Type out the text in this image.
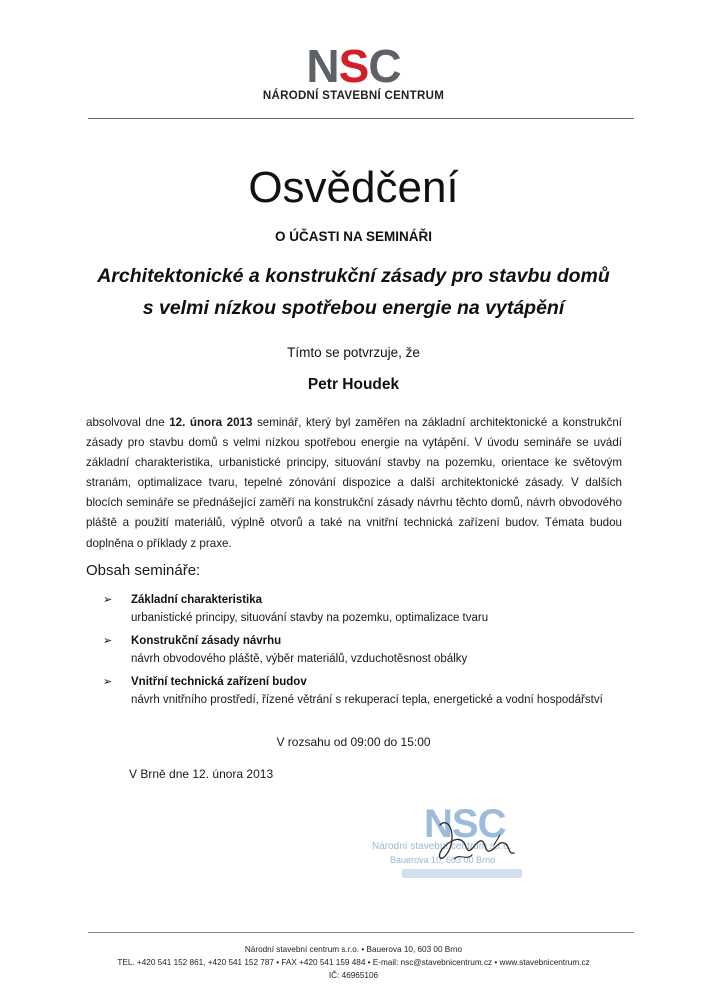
NSC
NÁRODNÍ STAVEBNÍ CENTRUM
Osvědčení
O ÚČASTI NA SEMINÁŘI
Architektonické a konstrukční zásady pro stavbu domů
s velmi nízkou spotřebou energie na vytápění
Tímto se potvrzuje, že
Petr Houdek
absolvoval dne 12. února 2013 seminář, který byl zaměřen na základní architektonické a konstrukční zásady pro stavbu domů s velmi nízkou spotřebou energie na vytápění. V úvodu semináře se uvádí základní charakteristika, urbanistické principy, situování stavby na pozemku, orientace ke světovým stranám, optimalizace tvaru, tepelné zónování dispozice a další architektonické zásady. V dalších blocích semináře se přednášející zaměří na konstrukční zásady návrhu těchto domů, návrh obvodového pláště a použití materiálů, výplně otvorů a také na vnitřní technická zařízení budov. Témata budou doplněna o příklady z praxe.
Obsah semináře:
➢	Základní charakteristika
urbanistické principy, situování stavby na pozemku, optimalizace tvaru
➢	Konstrukční zásady návrhu
návrh obvodového pláště, výběr materiálů, vzduchotěsnost obálky
➢	Vnitřní technická zařízení budov
návrh vnitřního prostředí, řízené větrání s rekuperací tepla, energetické a vodní hospodářství
V rozsahu od 09:00 do 15:00
V Brně dne 12. února 2013
NSC
Národní stavební centrum s.r.o.
Bauerova 10, 603 00 Brno
Národní stavební centrum s.r.o. • Bauerova 10, 603 00 Brno
TEL. +420 541 152 861, +420 541 152 787 • FAX +420 541 159 484 • E-mail: nsc@stavebnicentrum.cz • www.stavebnicentrum.cz
IČ: 46965106
